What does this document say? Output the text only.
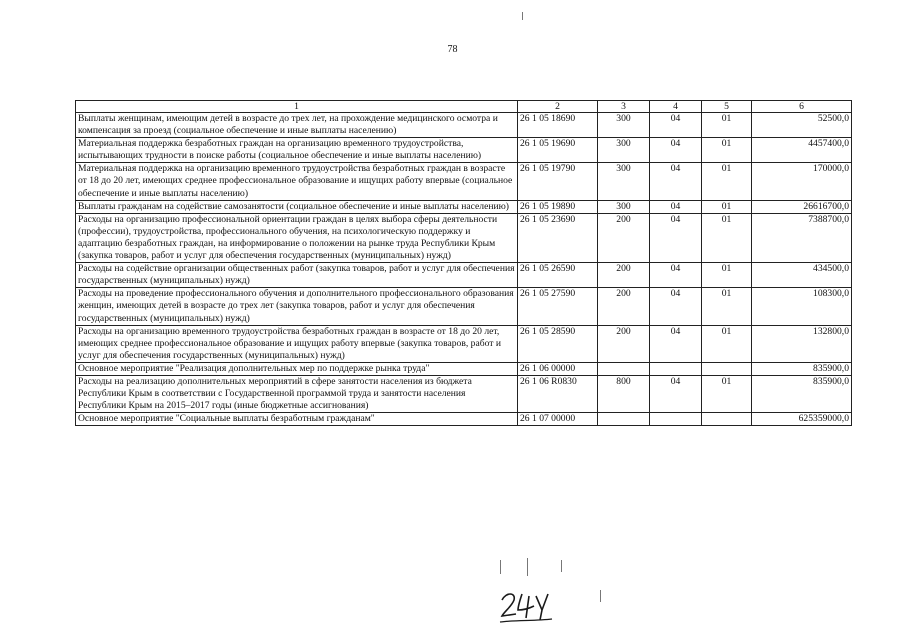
78
1	2	3	4	5	6
Выплаты женщинам, имеющим детей в возрасте до трех лет, на прохождение медицинского осмотра и компенсация за проезд (социальное обеспечение и иные выплаты населению)	26 1 05 18690	300	04	01	52500,0
Материальная поддержка безработных граждан на организацию временного трудоустройства, испытывающих трудности в поиске работы (социальное обеспечение и иные выплаты населению)	26 1 05 19690	300	04	01	4457400,0
Материальная поддержка на организацию временного трудоустройства безработных граждан в возрасте от 18 до 20 лет, имеющих среднее профессиональное образование и ищущих работу впервые (социальное обеспечение и иные выплаты населению)	26 1 05 19790	300	04	01	170000,0
Выплаты гражданам на содействие самозанятости (социальное обеспечение и иные выплаты населению)	26 1 05 19890	300	04	01	26616700,0
Расходы на организацию профессиональной ориентации граждан в целях выбора сферы деятельности (профессии), трудоустройства, профессионального обучения, на психологическую поддержку и адаптацию безработных граждан, на информирование о положении на рынке труда Республики Крым (закупка товаров, работ и услуг для обеспечения государственных (муниципальных) нужд)	26 1 05 23690	200	04	01	7388700,0
Расходы на содействие организации общественных работ (закупка товаров, работ и услуг для обеспечения государственных (муниципальных) нужд)	26 1 05 26590	200	04	01	434500,0
Расходы на проведение профессионального обучения и дополнительного профессионального образования женщин, имеющих детей в возрасте до трех лет (закупка товаров, работ и услуг для обеспечения государственных (муниципальных) нужд)	26 1 05 27590	200	04	01	108300,0
Расходы на организацию временного трудоустройства безработных граждан в возрасте от 18 до 20 лет, имеющих среднее профессиональное образование и ищущих работу впервые (закупка товаров, работ и услуг для обеспечения государственных (муниципальных) нужд)	26 1 05 28590	200	04	01	132800,0
Основное мероприятие "Реализация дополнительных мер по поддержке рынка труда"	26 1 06 00000				835900,0
Расходы на реализацию дополнительных мероприятий в сфере занятости населения из бюджета Республики Крым в соответствии с Государственной программой труда и занятости населения Республики Крым на 2015–2017 годы (иные бюджетные ассигнования)	26 1 06 R0830	800	04	01	835900,0
Основное мероприятие "Социальные выплаты безработным гражданам"	26 1 07 00000				625359000,0
